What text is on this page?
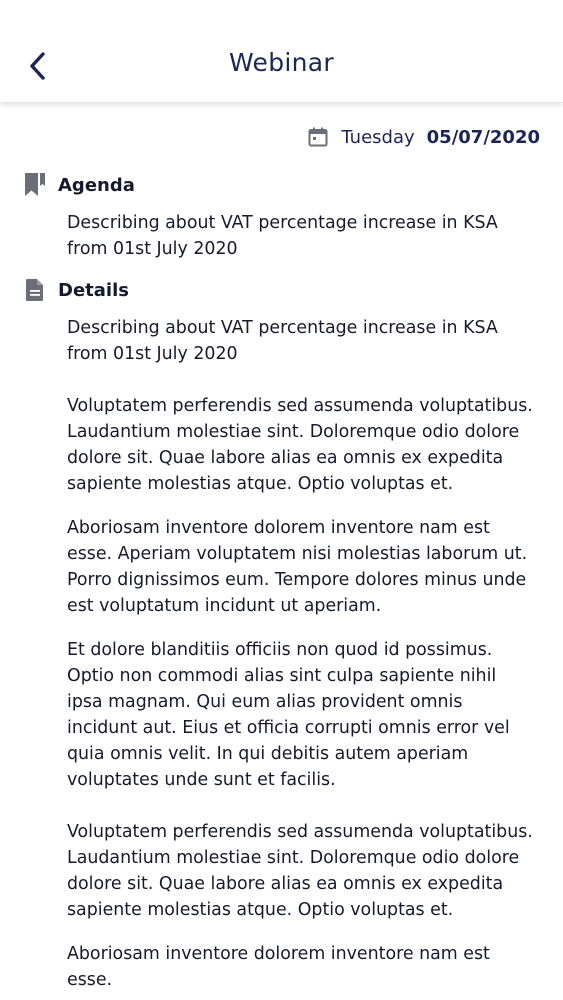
Webinar
Tuesday 05/07/2020
Agenda
Describing about VAT percentage increase in KSA from 01st July 2020
Details

Describing about VAT percentage increase in KSA from 01st July 2020

Voluptatem perferendis sed assumenda voluptatibus. Laudantium molestiae sint. Doloremque odio dolore dolore sit. Quae labore alias ea omnis ex expedita sapiente molestias atque. Optio voluptas et.

Aboriosam inventore dolorem inventore nam est esse. Aperiam voluptatem nisi molestias laborum ut. Porro dignissimos eum. Tempore dolores minus unde est voluptatum incidunt ut aperiam.

Et dolore blanditiis officiis non quod id possimus. Optio non commodi alias sint culpa sapiente nihil ipsa magnam. Qui eum alias provident omnis incidunt aut. Eius et officia corrupti omnis error vel quia omnis velit. In qui debitis autem aperiam voluptates unde sunt et facilis.

Voluptatem perferendis sed assumenda voluptatibus. Laudantium molestiae sint. Doloremque odio dolore dolore sit. Quae labore alias ea omnis ex expedita sapiente molestias atque. Optio voluptas et.

Aboriosam inventore dolorem inventore nam est esse.
